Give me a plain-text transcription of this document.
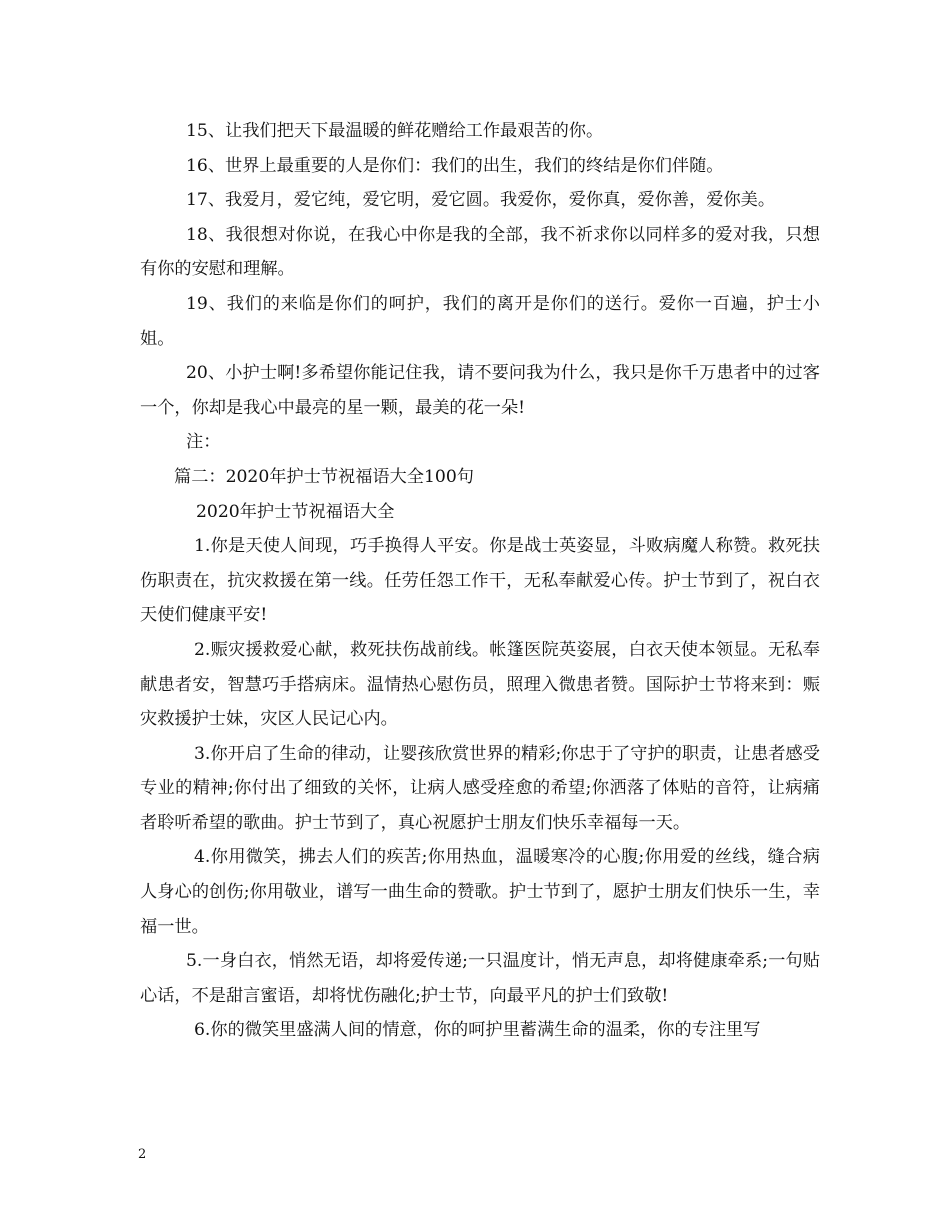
15、让我们把天下最温暖的鲜花赠给工作最艰苦的你。

16、世界上最重要的人是你们：我们的出生，我们的终结是你们伴随。

17、我爱月，爱它纯，爱它明，爱它圆。我爱你，爱你真，爱你善，爱你美。

18、我很想对你说，在我心中你是我的全部，我不祈求你以同样多的爱对我，只想有你的安慰和理解。

19、我们的来临是你们的呵护，我们的离开是你们的送行。爱你一百遍，护士小姐。

20、小护士啊!多希望你能记住我，请不要问我为什么，我只是你千万患者中的过客一个，你却是我心中最亮的星一颗，最美的花一朵!

注：

篇二：2020年护士节祝福语大全100句

2020年护士节祝福语大全

1.你是天使人间现，巧手换得人平安。你是战士英姿显，斗败病魔人称赞。救死扶伤职责在，抗灾救援在第一线。任劳任怨工作干，无私奉献爱心传。护士节到了，祝白衣天使们健康平安!

2.赈灾援救爱心献，救死扶伤战前线。帐篷医院英姿展，白衣天使本领显。无私奉献患者安，智慧巧手搭病床。温情热心慰伤员，照理入微患者赞。国际护士节将来到：赈灾救援护士妹，灾区人民记心内。

3.你开启了生命的律动，让婴孩欣赏世界的精彩;你忠于了守护的职责，让患者感受专业的精神;你付出了细致的关怀，让病人感受痊愈的希望;你洒落了体贴的音符，让病痛者聆听希望的歌曲。护士节到了，真心祝愿护士朋友们快乐幸福每一天。

4.你用微笑，拂去人们的疾苦;你用热血，温暖寒冷的心腹;你用爱的丝线，缝合病人身心的创伤;你用敬业，谱写一曲生命的赞歌。护士节到了，愿护士朋友们快乐一生，幸福一世。

5.一身白衣，悄然无语，却将爱传递;一只温度计，悄无声息，却将健康牵系;一句贴心话，不是甜言蜜语，却将忧伤融化;护士节，向最平凡的护士们致敬!

6.你的微笑里盛满人间的情意，你的呵护里蓄满生命的温柔，你的专注里写

2
